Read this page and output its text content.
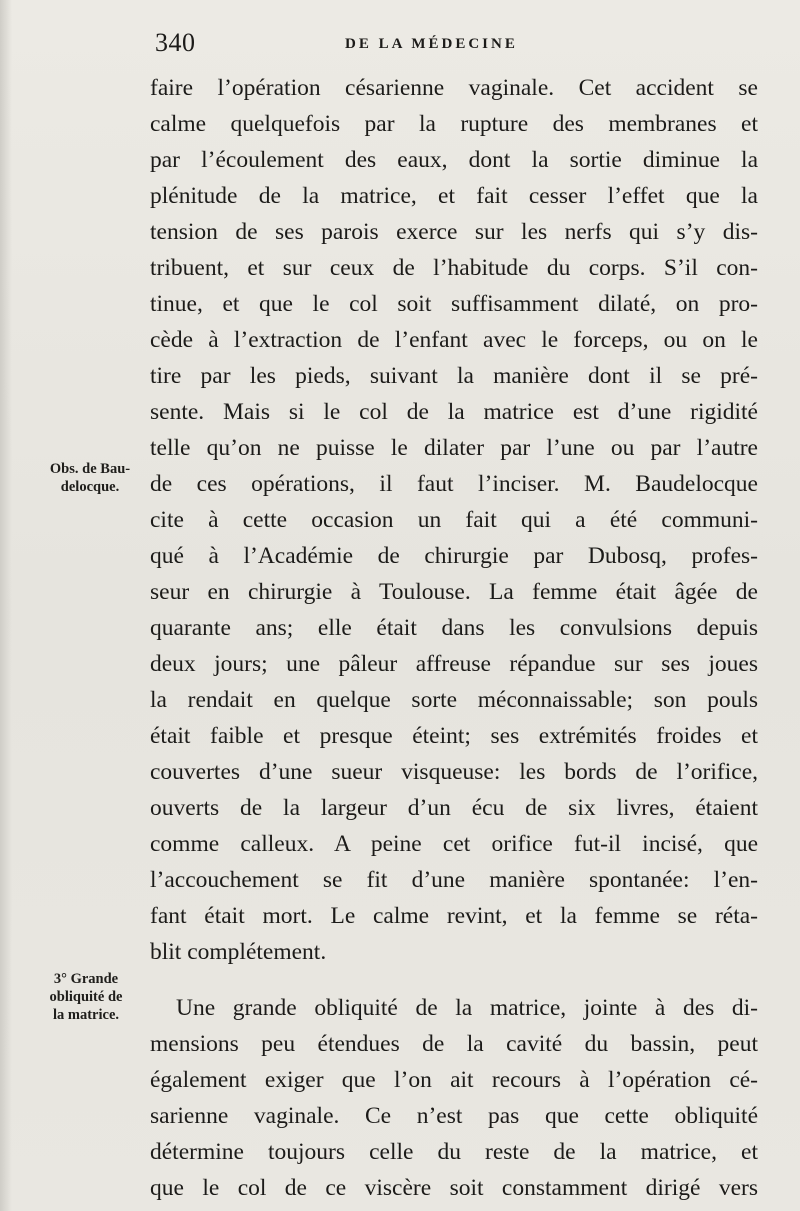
340	DE LA MÉDECINE
Obs. de Bau-
delocque.
3° Grande
obliquité de
la matrice.
faire l’opération césarienne vaginale. Cet accident se
calme quelquefois par la rupture des membranes et
par l’écoulement des eaux, dont la sortie diminue la
plénitude de la matrice, et fait cesser l’effet que la
tension de ses parois exerce sur les nerfs qui s’y dis-
tribuent, et sur ceux de l’habitude du corps. S’il con-
tinue, et que le col soit suffisamment dilaté, on pro-
cède à l’extraction de l’enfant avec le forceps, ou on le
tire par les pieds, suivant la manière dont il se pré-
sente. Mais si le col de la matrice est d’une rigidité
telle qu’on ne puisse le dilater par l’une ou par l’autre
de ces opérations, il faut l’inciser. M. Baudelocque
cite à cette occasion un fait qui a été communi-
qué à l’Académie de chirurgie par Dubosq, profes-
seur en chirurgie à Toulouse. La femme était âgée de
quarante ans; elle était dans les convulsions depuis
deux jours; une pâleur affreuse répandue sur ses joues
la rendait en quelque sorte méconnaissable; son pouls
était faible et presque éteint; ses extrémités froides et
couvertes d’une sueur visqueuse: les bords de l’orifice,
ouverts de la largeur d’un écu de six livres, étaient
comme calleux. A peine cet orifice fut-il incisé, que
l’accouchement se fit d’une manière spontanée: l’en-
fant était mort. Le calme revint, et la femme se réta-
blit complétement.
Une grande obliquité de la matrice, jointe à des di-
mensions peu étendues de la cavité du bassin, peut
également exiger que l’on ait recours à l’opération cé-
sarienne vaginale. Ce n’est pas que cette obliquité
détermine toujours celle du reste de la matrice, et
que le col de ce viscère soit constamment dirigé vers
